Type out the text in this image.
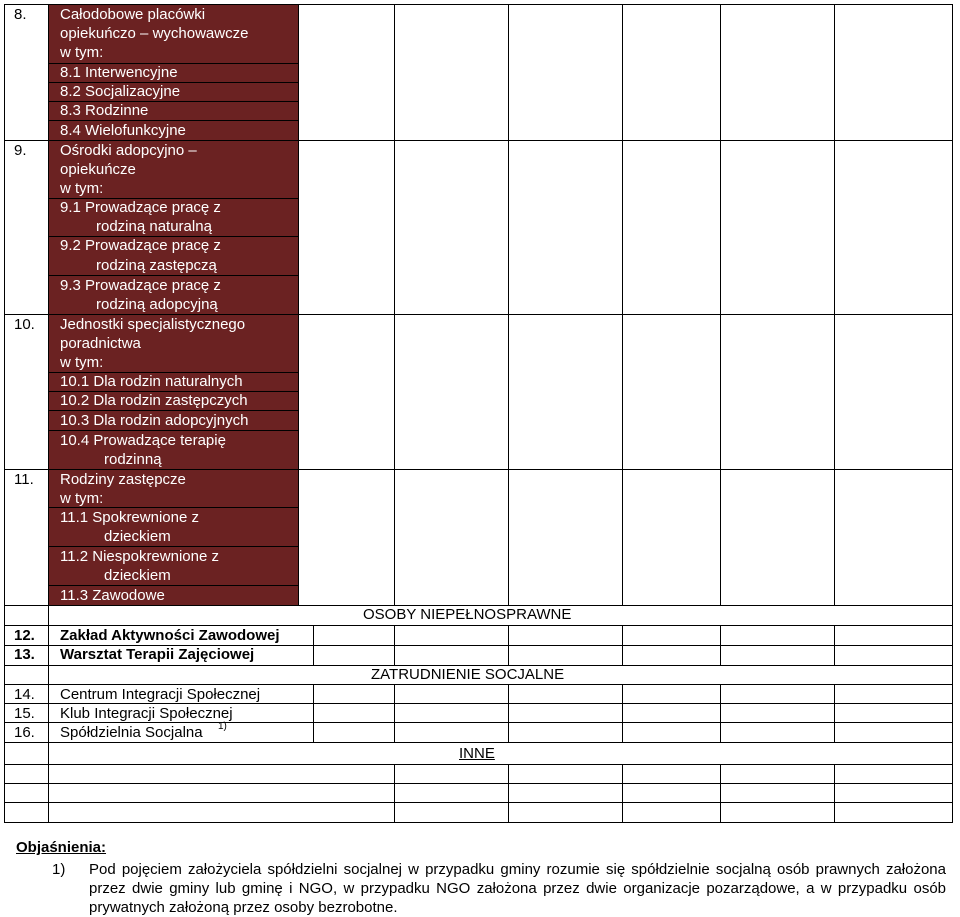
8. Całodobowe placówki
opiekuńczo – wychowawcze
w tym:
8.1 Interwencyjne
8.2 Socjalizacyjne
8.3 Rodzinne
8.4 Wielofunkcyjne
9. Ośrodki adopcyjno –
opiekuńcze
w tym:
9.1 Prowadzące pracę z
rodziną naturalną
9.2 Prowadzące pracę z
rodziną zastępczą
9.3 Prowadzące pracę z
rodziną adopcyjną
10. Jednostki specjalistycznego
poradnictwa
w tym:
10.1 Dla rodzin naturalnych
10.2 Dla rodzin zastępczych
10.3 Dla rodzin adopcyjnych
10.4 Prowadzące terapię
rodzinną
11. Rodziny zastępcze
w tym:
11.1 Spokrewnione z
dzieckiem
11.2 Niespokrewnione z
dzieckiem
11.3 Zawodowe
OSOBY NIEPEŁNOSPRAWNE
12. Zakład Aktywności Zawodowej
13. Warsztat Terapii Zajęciowej
ZATRUDNIENIE SOCJALNE
14. Centrum Integracji Społecznej
15. Klub Integracji Społecznej
16. Spółdzielnia Socjalna 1)
INNE
Objaśnienia:
1) Pod pojęciem założyciela spółdzielni socjalnej w przypadku gminy rozumie się spółdzielnie socjalną osób prawnych założona przez dwie gminy lub gminę i NGO, w przypadku NGO założona przez dwie organizacje pozarządowe, a w przypadku osób prywatnych założoną przez osoby bezrobotne.
